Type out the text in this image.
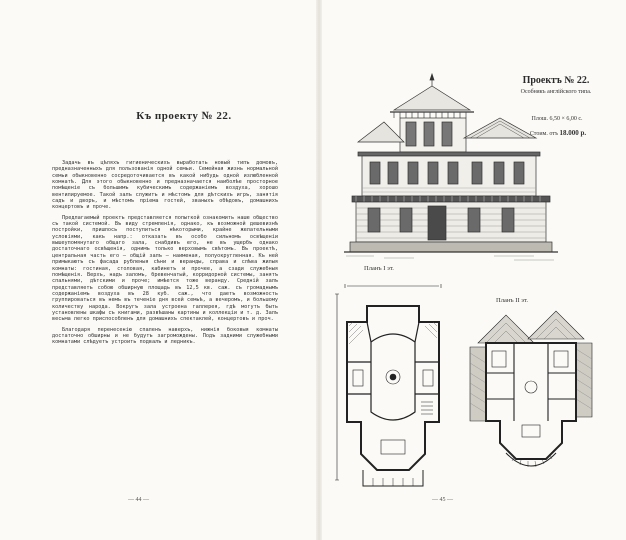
Къ проекту № 22.

Задачь въ цѣляхъ гигиеническихъ выработать новый типъ домовъ, предназначенныхъ для пользованія одной семьи. Семейная жизнь нормальной семьи обыкновенно сосредоточивается въ какой нибудь одной излюбленной комнатѣ. Для этого обыкновенно и предназначается наиболѣе просторное помѣщеніе съ большимъ кубическимъ содержаніемъ воздуха, хорошо вентилируемое. Такой залъ служитъ и мѣстомъ для дѣтскихъ игръ, занятія садъ и дворъ, и мѣстомъ пріема гостей, званыхъ обѣдовъ, домашнихъ концертовъ и проче.

Предлагаемый проектъ представляется попыткой ознакомить наше общество съ такой системой. Въ виду стремленія, однако, къ возможной дешевизнѣ постройки, пришлось поступиться нѣкоторыми, крайне желательными условіями, какъ напр.: отказать въ особо сильномъ освѣщеніи вышеупомянутаго общаго зала, снабдивъ его, не въ ущербъ однако достаточнаго освѣщенія, однимъ только верховымъ свѣтомъ. Въ проектѣ, центральная часть его — общій залъ — наименая, полуокругленная. Къ ней примыкаютъ съ фасада рубленыя сѣни и веранды, справа и слѣва жилыя комнаты: гостиная, столовая, кабинетъ и прочее, а сзади служебныя помѣщенія. Верхъ, надъ заломъ, бревенчатый, корридорной системы, занятъ спальнями, дѣтскими и проче; имѣется тоже веранду. Средній залъ представляетъ собою обширную площадь въ 12,5 кв. саж. съ громаднымъ содержаніемъ воздуха въ 28 куб. саж., что даетъ возможность группироваться въ немъ въ теченіе дня всей семьѣ, а вечеромъ, и большому количеству народа. Вокругъ зала устроена галлерея, гдѣ могутъ быть установлены шкафы съ книгами, развѣшаны картины и коллекціи и т. д. Залъ весьма легко приспособленъ для домашнихъ спектаклей, концертовъ и проч.

Благодаря перенесенію спаленъ наверхъ, нижнія боковыя комнаты достаточно обширны и не будутъ загромождены. Подъ задними служебными комнатами слѣдуетъ устроить подвалъ и ледникъ.

— 44 —
Проектъ № 22.
Особнякъ англійского типа.
Плош. 6,50 × 6,00 с.
Стоим. отъ 18.000 р.
Планъ I эт.
Планъ II эт.
— 45 —
